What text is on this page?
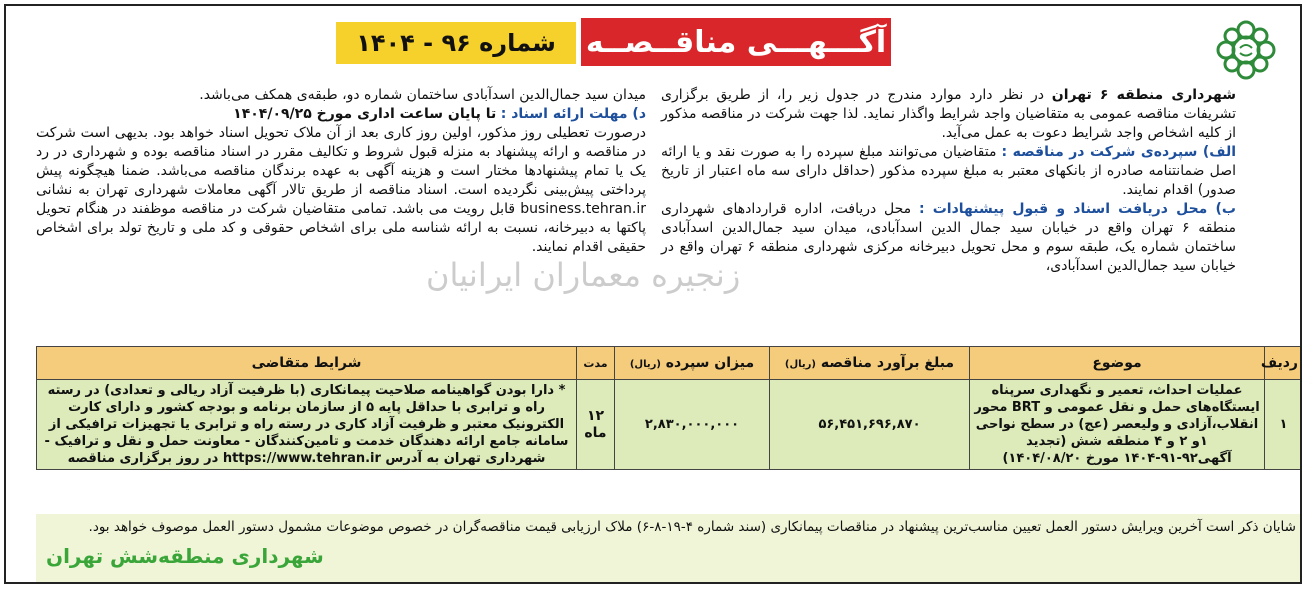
زنجیره معماران ایرانیان
آگـــهـــی مناقــصــه
شماره ۹۶ - ۱۴۰۴

شهرداری منطقه ۶ تهران در نظر دارد موارد مندرج در جدول زیر را، از طریق برگزاری تشریفات مناقصه عمومی به متقاضیان واجد شرایط واگذار نماید. لذا جهت شرکت در مناقصه مذکور از کلیه اشخاص واجد شرایط دعوت به عمل می‌آید.

الف) سپرده‌ی شرکت در مناقصه : متقاضیان می‌توانند مبلغ سپرده را به صورت نقد و یا ارائه اصل ضمانتنامه صادره از بانکهای معتبر به مبلغ سپرده مذکور (حداقل دارای سه ماه اعتبار از تاریخ صدور) اقدام نمایند.

ب) محل دریافت اسناد و قبول پیشنهادات : محل دریافت، اداره قراردادهای شهرداری منطقه ۶ تهران واقع در خیابان سید جمال الدین اسدآبادی، میدان سید جمال‌الدین اسدآبادی ساختمان شماره یک، طبقه سوم و محل تحویل دبیرخانه مرکزی شهرداری منطقه ۶ تهران واقع در خیابان سید جمال‌الدین اسدآبادی،

میدان سید جمال‌الدین اسدآبادی ساختمان شماره دو، طبقه‌ی همکف می‌باشد.

د) مهلت ارائه اسناد : تا پایان ساعت اداری مورخ ۱۴۰۴/۰۹/۲۵

درصورت تعطیلی روز مذکور، اولین روز کاری بعد از آن ملاک تحویل اسناد خواهد بود. بدیهی است شرکت در مناقصه و ارائه پیشنهاد به منزله قبول شروط و تکالیف مقرر در اسناد مناقصه بوده و شهرداری در رد یک یا تمام پیشنهادها مختار است و هزینه آگهی به عهده برندگان مناقصه می‌باشد. ضمنا هیچگونه پیش پرداختی پیش‌بینی نگردیده است. اسناد مناقصه از طریق تالار آگهی معاملات شهرداری تهران به نشانی business.tehran.ir قابل رویت می باشد. تمامی متقاضیان شرکت در مناقصه موظفند در هنگام تحویل پاکتها به دبیرخانه، نسبت به ارائه شناسه ملی برای اشخاص حقوقی و کد ملی و تاریخ تولد برای اشخاص حقیقی اقدام نمایند.

ردیف	موضوع	مبلغ برآورد مناقصه (ریال)	میزان سپرده (ریال)	مدت	شرایط متقاضی
۱	عملیات احداث، تعمیر و نگهداری سرپناه ایستگاه‌های حمل و نقل عمومی و BRT محور انقلاب،آزادی و ولیعصر (عج) در سطح نواحی ۱و ۲ و ۴ منطقه شش (تجدید آگهی۹۲-۹۱-۱۴۰۴ مورخ ۱۴۰۴/۰۸/۲۰)	۵۶,۴۵۱,۶۹۶,۸۷۰	۲,۸۳۰,۰۰۰,۰۰۰	۱۲ ماه	* دارا بودن گواهینامه صلاحیت پیمانکاری (با ظرفیت آزاد ریالی و تعدادی) در رسته راه و ترابری با حداقل پایه ۵ از سازمان برنامه و بودجه کشور و دارای کارت الکترونیک معتبر و ظرفیت آزاد کاری در رسته راه و ترابری یا تجهیزات ترافیکی از سامانه جامع ارائه دهندگان خدمت و تامین‌کنندگان - معاونت حمل و نقل و ترافیک - شهرداری تهران به آدرس https://www.tehran.ir در روز برگزاری مناقصه
شایان ذکر است آخرین ویرایش دستور العمل تعیین مناسب‌ترین پیشنهاد در مناقصات پیمانکاری (سند شماره ۴-۱۹-۸-۶) ملاک ارزیابی قیمت مناقصه‌گران در خصوص موضوعات مشمول دستور العمل موصوف خواهد بود.
شهرداری منطقه‌شش تهران
